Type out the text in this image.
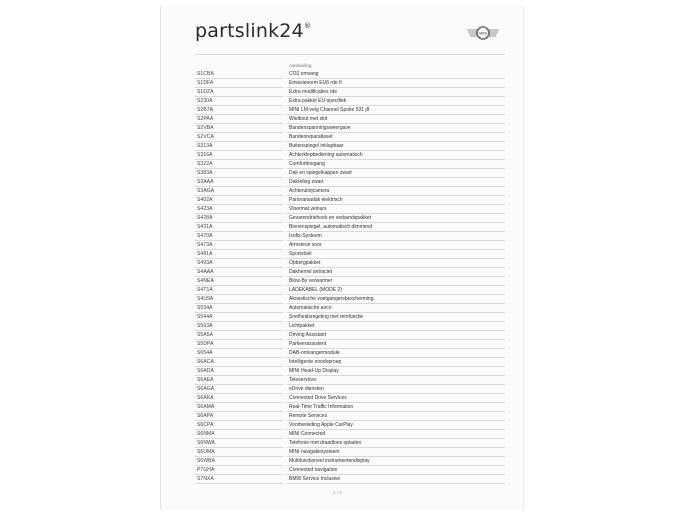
partslink24®
MINI
Aanduiding
S1CBA	CO2 omvang
S1DFA	Emissienorm EU6 rde II
S1DZA	Extra modificaties rde
S230A	Extra pakket EU-specifiek
S2B7A	MINI LM-velg Channel Spoke 531 j8
S2PAA	Wielbout met slot
S2VBA	Bandenspanningsweergave
S2VCA	Bandenreparatieset
S313A	Buitenspiegel inklapbaar
S316A	Achterklepbediening automatisch
S322A	Comforttoegang
S383A	Dak en spiegelkappen zwart
S3AAA	Dakreling zwart
S3AGA	Achteruitrijcamera
S402A	Panoramadak elektrisch
S423A	Vloermat velours
S428A	Gevarendriehoek en verbandspakket
S431A	Binnenspiegel, automatisch dimmend
S470A	Isofix-Systeem
S473A	Armsteun voor
S481A	Sportstoel
S493A	Opbergpakket
S4AAA	Dakhemel antraciet
S4NEA	Blow-By verwarmer
S4T1A	LADEKABEL (MODE 2)
S4U9A	Akoestische voetgangersbescherming
S534A	Automatische airco
S544A	Snelheidsregeling met remfunctie
S563A	Lichtpakket
S5A5A	Driving Assistant
S5DPA	Parkeerassistent
S654A	DAB-ontvangermodule
S6ACA	Intelligente noodoproep
S6ADA	MINI Head-Up Display
S6AEA	Teleservices
S6AGA	eDrive diensten
S6AKA	Connected Drive Services
S6AMA	Real-Time Traffic Information
S6APA	Remote Services
S6CPA	Voorbereiding Apple CarPlay
S6NMA	MINI Connected
S6NWA	Telefonie met draadloos opladen
S6UMA	MINI navigatiesysteem
S6WBA	Multifunctioneel instrumentendisplay
P7GHA	Connected navigation
S7NXA	BMW Service Inclusive
2 / 2
